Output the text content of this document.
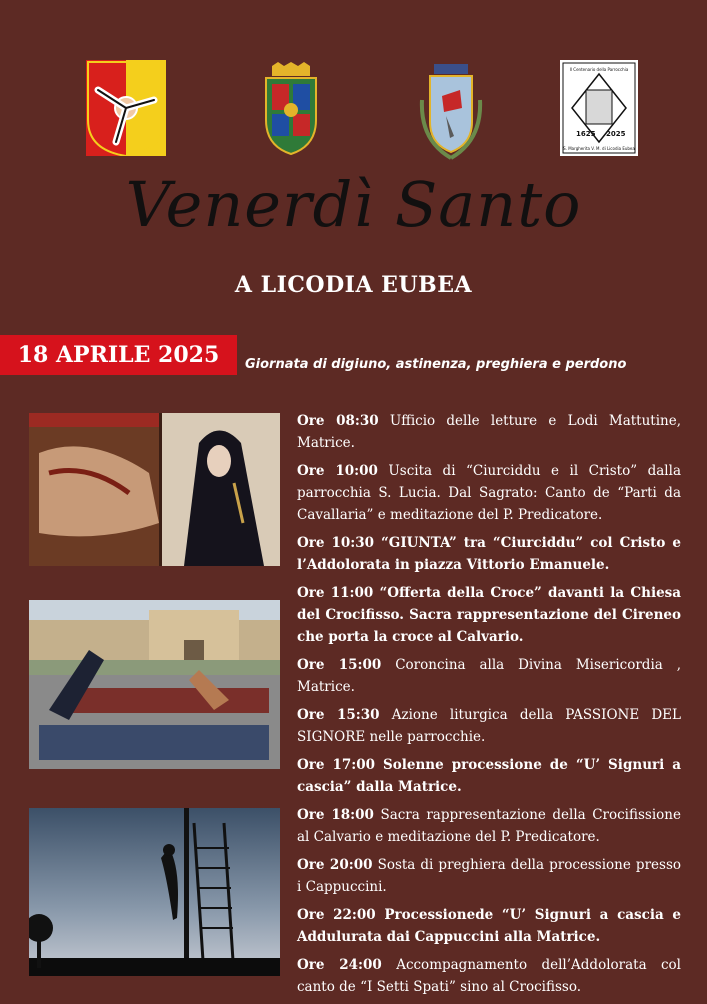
Il Centenario della Parrocchia
1625 2025
S. Margherita V. M. di Licodia Eubea
Venerdì Santo
A LICODIA EUBEA
18 APRILE 2025	Giornata di digiuno, astinenza, preghiera e perdono
Ore 08:30 Ufficio delle letture e Lodi Mattutine, Matrice.
Ore 10:00 Uscita di “Ciurciddu e il Cristo” dalla parrocchia S. Lucia. Dal Sagrato: Canto de “Parti da Cavallaria” e meditazione del P. Predicatore.
Ore 10:30 “GIUNTA” tra “Ciurciddu” col Cristo e l’Addolorata in piazza Vittorio Emanuele.
Ore 11:00 “Offerta della Croce” davanti la Chiesa del Crocifisso. Sacra rappresentazione del Cireneo che porta la croce al Calvario.
Ore 15:00 Coroncina alla Divina Misericordia , Matrice.
Ore 15:30 Azione liturgica della PASSIONE DEL SIGNORE nelle parrocchie.
Ore 17:00 Solenne processione de “U’ Signuri a cascia” dalla Matrice.
Ore 18:00 Sacra rappresentazione della Crocifissione al Calvario e meditazione del P. Predicatore.
Ore 20:00 Sosta di preghiera della processione presso i Cappuccini.
Ore 22:00 Processionede “U’ Signuri a cascia e Addulurata dai Cappuccini alla Matrice.
Ore 24:00 Accompagnamento dell’Addolorata col canto de “I Setti Spati” sino al Crocifisso.
